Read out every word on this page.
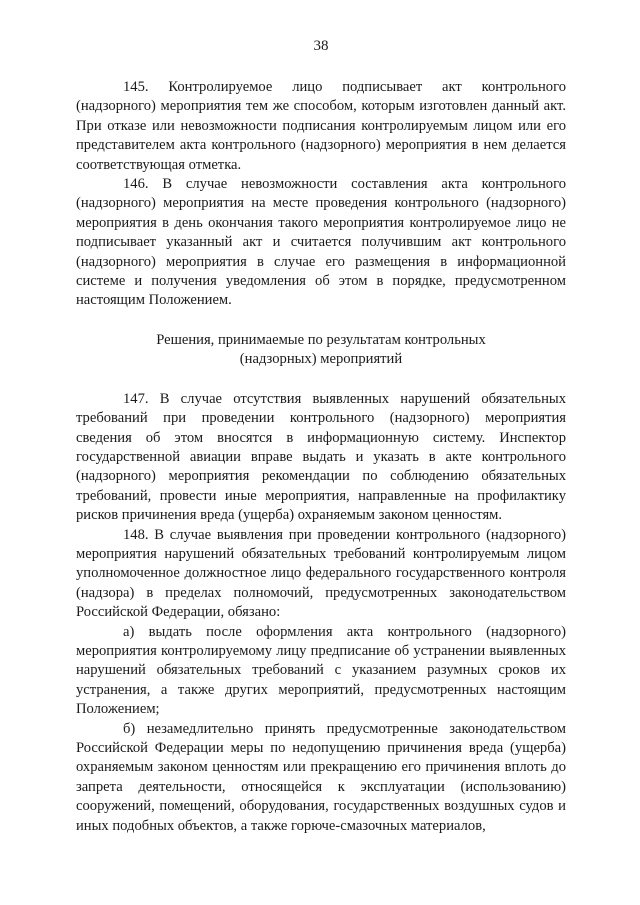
38

145. Контролируемое лицо подписывает акт контрольного (надзорного) мероприятия тем же способом, которым изготовлен данный акт. При отказе или невозможности подписания контролируемым лицом или его представителем акта контрольного (надзорного) мероприятия в нем делается соответствующая отметка.

146. В случае невозможности составления акта контрольного (надзорного) мероприятия на месте проведения контрольного (надзорного) мероприятия в день окончания такого мероприятия контролируемое лицо не подписывает указанный акт и считается получившим акт контрольного (надзорного) мероприятия в случае его размещения в информационной системе и получения уведомления об этом в порядке, предусмотренном настоящим Положением.

Решения, принимаемые по результатам контрольных
(надзорных) мероприятий

147. В случае отсутствия выявленных нарушений обязательных требований при проведении контрольного (надзорного) мероприятия сведения об этом вносятся в информационную систему. Инспектор государственной авиации вправе выдать и указать в акте контрольного (надзорного) мероприятия рекомендации по соблюдению обязательных требований, провести иные мероприятия, направленные на профилактику рисков причинения вреда (ущерба) охраняемым законом ценностям.

148. В случае выявления при проведении контрольного (надзорного) мероприятия нарушений обязательных требований контролируемым лицом уполномоченное должностное лицо федерального государственного контроля (надзора) в пределах полномочий, предусмотренных законодательством Российской Федерации, обязано:

а) выдать после оформления акта контрольного (надзорного) мероприятия контролируемому лицу предписание об устранении выявленных нарушений обязательных требований с указанием разумных сроков их устранения, а также других мероприятий, предусмотренных настоящим Положением;

б) незамедлительно принять предусмотренные законодательством Российской Федерации меры по недопущению причинения вреда (ущерба) охраняемым законом ценностям или прекращению его причинения вплоть до запрета деятельности, относящейся к эксплуатации (использованию) сооружений, помещений, оборудования, государственных воздушных судов и иных подобных объектов, а также горюче-смазочных материалов,
